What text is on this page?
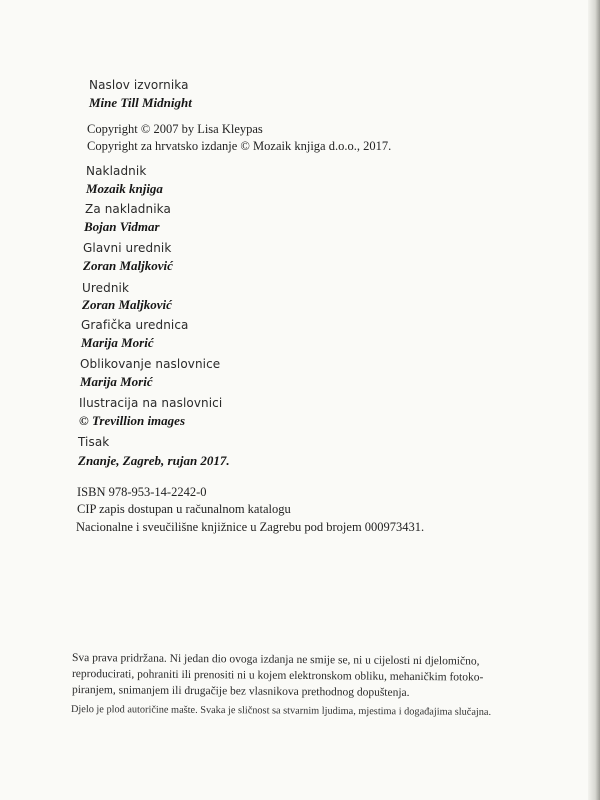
Naslov izvornika
Mine Till Midnight
Copyright © 2007 by Lisa Kleypas
Copyright za hrvatsko izdanje © Mozaik knjiga d.o.o., 2017.
Nakladnik
Mozaik knjiga
Za nakladnika
Bojan Vidmar
Glavni urednik
Zoran Maljković
Urednik
Zoran Maljković
Grafička urednica
Marija Morić
Oblikovanje naslovnice
Marija Morić
Ilustracija na naslovnici
© Trevillion images
Tisak
Znanje, Zagreb, rujan 2017.
ISBN 978-953-14-2242-0
CIP zapis dostupan u računalnom katalogu
Nacionalne i sveučilišne knjižnice u Zagrebu pod brojem 000973431.
Sva prava pridržana. Ni jedan dio ovoga izdanja ne smije se, ni u cijelosti ni djelomično,
reproducirati, pohraniti ili prenositi ni u kojem elektronskom obliku, mehaničkim fotoko-
piranjem, snimanjem ili drugačije bez vlasnikova prethodnog dopuštenja.
Djelo je plod autoričine mašte. Svaka je sličnost sa stvarnim ljudima, mjestima i događajima slučajna.
